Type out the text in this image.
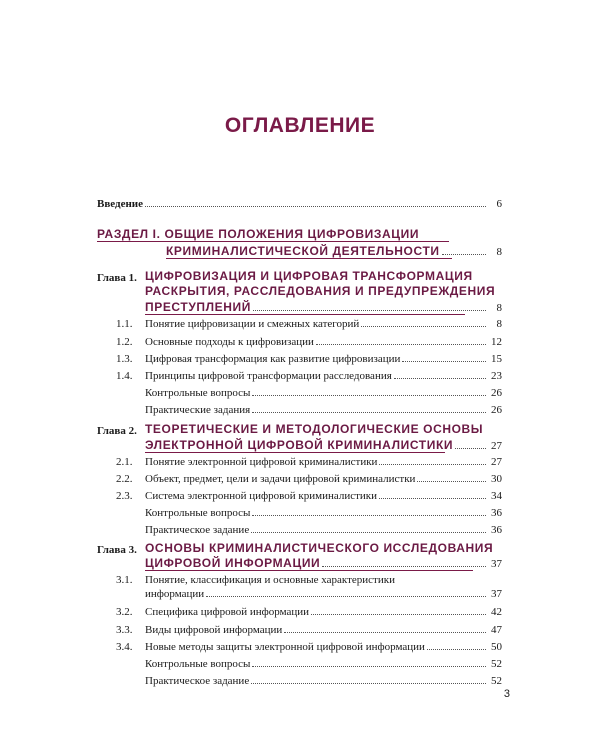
ОГЛАВЛЕНИЕ
Введение	6
РАЗДЕЛ I. ОБЩИЕ ПОЛОЖЕНИЯ ЦИФРОВИЗАЦИИ
КРИМИНАЛИСТИЧЕСКОЙ ДЕЯТЕЛЬНОСТИ	8
Глава 1. ЦИФРОВИЗАЦИЯ И ЦИФРОВАЯ ТРАНСФОРМАЦИЯ
РАСКРЫТИЯ, РАССЛЕДОВАНИЯ И ПРЕДУПРЕЖДЕНИЯ
ПРЕСТУПЛЕНИЙ	8
1.1.	Понятие цифровизации и смежных категорий	8
1.2.	Основные подходы к цифровизации	12
1.3.	Цифровая трансформация как развитие цифровизации	15
1.4.	Принципы цифровой трансформации расследования	23
Контрольные вопросы	26
Практические задания	26
Глава 2. ТЕОРЕТИЧЕСКИЕ И МЕТОДОЛОГИЧЕСКИЕ ОСНОВЫ
ЭЛЕКТРОННОЙ ЦИФРОВОЙ КРИМИНАЛИСТИКИ	27
2.1.	Понятие электронной цифровой криминалистики	27
2.2.	Объект, предмет, цели и задачи цифровой криминалистки	30
2.3.	Система электронной цифровой криминалистики	34
Контрольные вопросы	36
Практическое задание	36
Глава 3. ОСНОВЫ КРИМИНАЛИСТИЧЕСКОГО ИССЛЕДОВАНИЯ
ЦИФРОВОЙ ИНФОРМАЦИИ	37
3.1.	Понятие, классификация и основные характеристики
информации	37
3.2.	Специфика цифровой информации	42
3.3.	Виды цифровой информации	47
3.4.	Новые методы защиты электронной цифровой информации	50
Контрольные вопросы	52
Практическое задание	52
3
